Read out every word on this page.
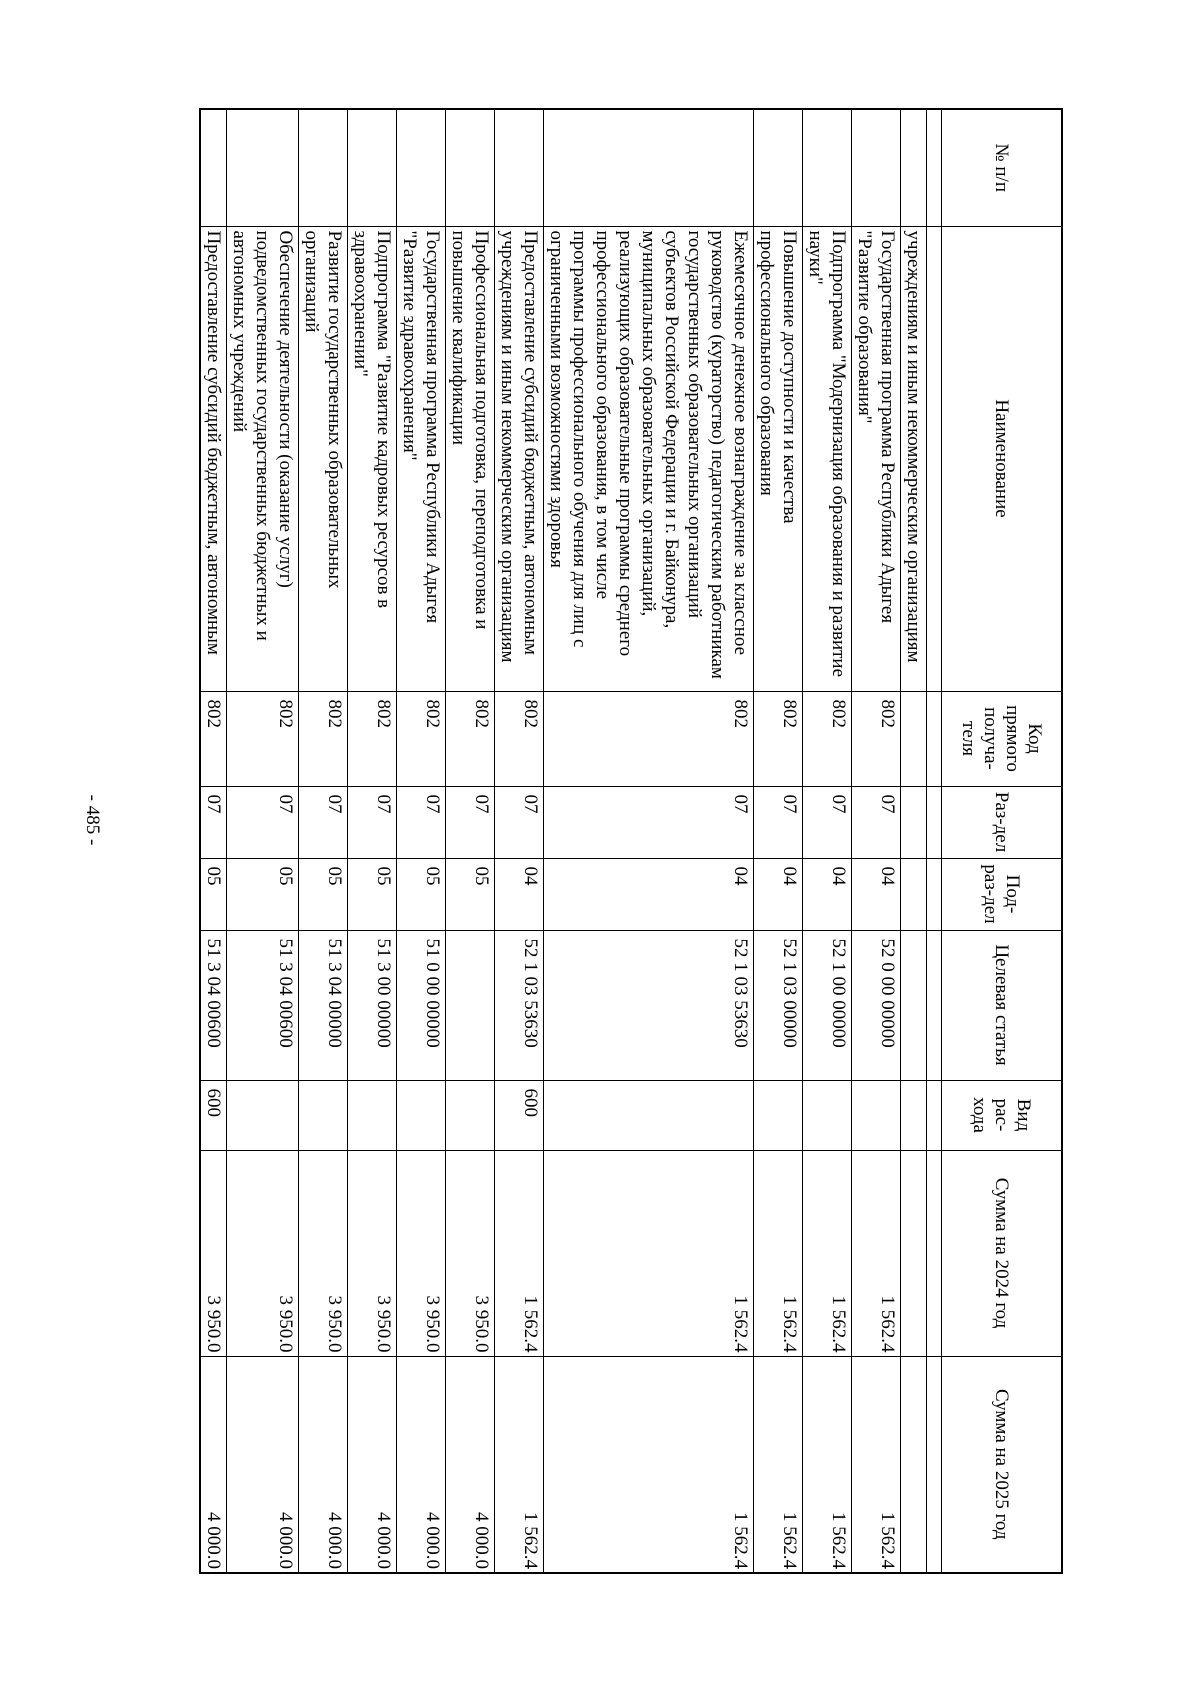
- 485 -
№ п/п	Наименование	Код прямого получа-теля	Раз-дел	Под-раз-дел	Целевая статья	Вид рас-хода	Сумма на 2024 год	Сумма на 2025 год

	учреждениям и иным некоммерческим организациям							
	Государственная программа Республики Адыгея "Развитие образования"	802	07	04	52 0 00 00000		1 562.4	1 562.4
	Подпрограмма "Модернизация образования и развитие науки"	802	07	04	52 1 00 00000		1 562.4	1 562.4
	Повышение доступности и качества профессионального образования	802	07	04	52 1 03 00000		1 562.4	1 562.4
	Ежемесячное денежное вознаграждение за классное руководство (кураторство) педагогическим работникам государственных образовательных организаций субъектов Российской Федерации и г. Байконура, муниципальных образовательных организаций, реализующих образовательные программы среднего профессионального образования, в том числе программы профессионального обучения для лиц с ограниченными возможностями здоровья	802	07	04	52 1 03 53630		1 562.4	1 562.4
	Предоставление субсидий бюджетным, автономным учреждениям и иным некоммерческим организациям	802	07	04	52 1 03 53630	600	1 562.4	1 562.4
	Профессиональная подготовка, переподготовка и повышение квалификации	802	07	05			3 950.0	4 000.0
	Государственная программа Республики Адыгея "Развитие здравоохранения"	802	07	05	51 0 00 00000		3 950.0	4 000.0
	Подпрограмма "Развитие кадровых ресурсов в здравоохранении"	802	07	05	51 3 00 00000		3 950.0	4 000.0
	Развитие государственных образовательных организаций	802	07	05	51 3 04 00000		3 950.0	4 000.0
	Обеспечение деятельности (оказание услуг) подведомственных государственных бюджетных и автономных учреждений	802	07	05	51 3 04 00600		3 950.0	4 000.0
	Предоставление субсидий бюджетным, автономным	802	07	05	51 3 04 00600	600	3 950.0	4 000.0
